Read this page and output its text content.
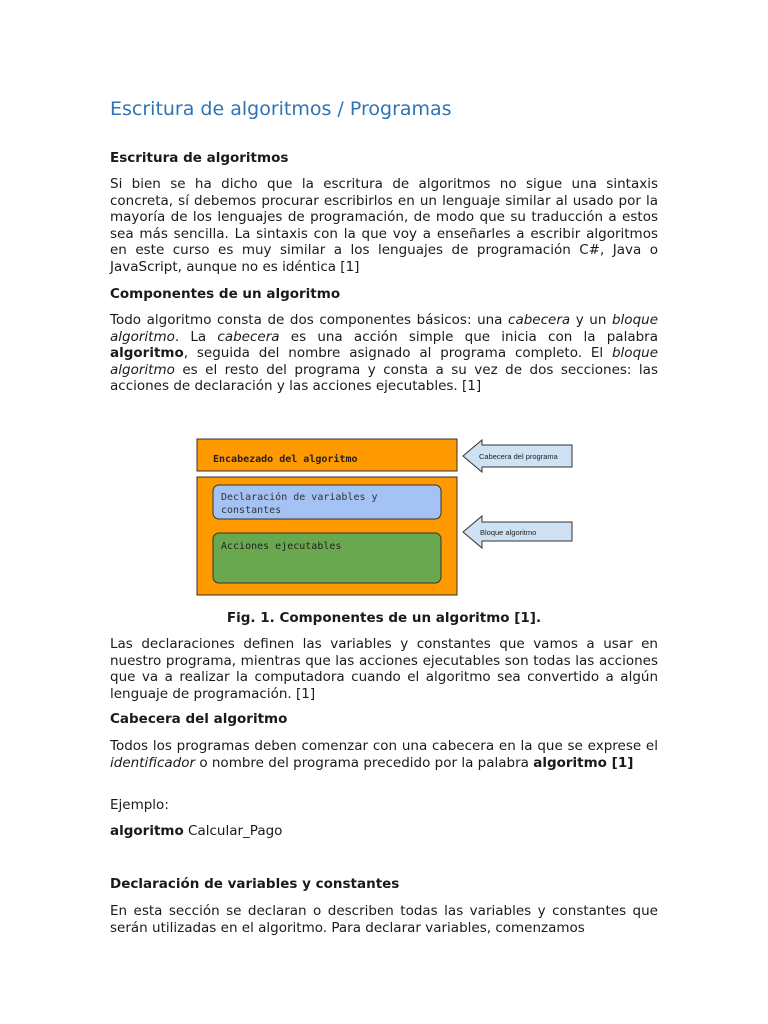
Escritura de algoritmos / Programas
Escritura de algoritmos
Si bien se ha dicho que la escritura de algoritmos no sigue una sintaxis concreta, sí debemos procurar escribirlos en un lenguaje similar al usado por la mayoría de los lenguajes de programación, de modo que su traducción a estos sea más sencilla. La sintaxis con la que voy a enseñarles a escribir algoritmos en este curso es muy similar a los lenguajes de programación C#, Java o JavaScript, aunque no es idéntica [1]
Componentes de un algoritmo
Todo algoritmo consta de dos componentes básicos: una cabecera y un bloque algoritmo. La cabecera es una acción simple que inicia con la palabra algoritmo, seguida del nombre asignado al programa completo. El bloque algoritmo es el resto del programa y consta a su vez de dos secciones: las acciones de declaración y las acciones ejecutables. [1]
Fig. 1. Componentes de un algoritmo [1].
Las declaraciones definen las variables y constantes que vamos a usar en nuestro programa, mientras que las acciones ejecutables son todas las acciones que va a realizar la computadora cuando el algoritmo sea convertido a algún lenguaje de programación. [1]
Cabecera del algoritmo
Todos los programas deben comenzar con una cabecera en la que se exprese el identificador o nombre del programa precedido por la palabra algoritmo [1]
Ejemplo:
algoritmo Calcular_Pago
Declaración de variables y constantes
En esta sección se declaran o describen todas las variables y constantes que serán utilizadas en el algoritmo. Para declarar variables, comenzamos
Encabezado del algoritmo
Declaración de variables y
constantes
Acciones ejecutables
Cabecera del programa
Bloque algoritmo
